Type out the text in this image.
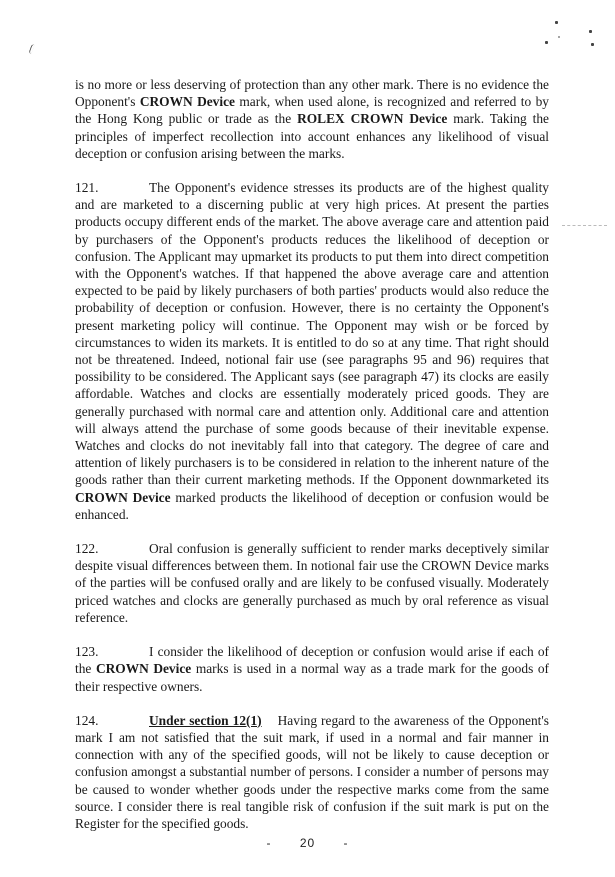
is no more or less deserving of protection than any other mark. There is no evidence the Opponent's CROWN Device mark, when used alone, is recognized and referred to by the Hong Kong public or trade as the ROLEX CROWN Device mark. Taking the principles of imperfect recollection into account enhances any likelihood of visual deception or confusion arising between the marks.

121.	The Opponent's evidence stresses its products are of the highest quality and are marketed to a discerning public at very high prices. At present the parties products occupy different ends of the market. The above average care and attention paid by purchasers of the Opponent's products reduces the likelihood of deception or confusion. The Applicant may upmarket its products to put them into direct competition with the Opponent's watches. If that happened the above average care and attention expected to be paid by likely purchasers of both parties' products would also reduce the probability of deception or confusion. However, there is no certainty the Opponent's present marketing policy will continue. The Opponent may wish or be forced by circumstances to widen its markets. It is entitled to do so at any time. That right should not be threatened. Indeed, notional fair use (see paragraphs 95 and 96) requires that possibility to be considered. The Applicant says (see paragraph 47) its clocks are easily affordable. Watches and clocks are essentially moderately priced goods. They are generally purchased with normal care and attention only. Additional care and attention will always attend the purchase of some goods because of their inevitable expense. Watches and clocks do not inevitably fall into that category. The degree of care and attention of likely purchasers is to be considered in relation to the inherent nature of the goods rather than their current marketing methods. If the Opponent downmarketed its CROWN Device marked products the likelihood of deception or confusion would be enhanced.

122.	Oral confusion is generally sufficient to render marks deceptively similar despite visual differences between them. In notional fair use the CROWN Device marks of the parties will be confused orally and are likely to be confused visually. Moderately priced watches and clocks are generally purchased as much by oral reference as visual reference.

123.	I consider the likelihood of deception or confusion would arise if each of the CROWN Device marks is used in a normal way as a trade mark for the goods of their respective owners.

124.	Under section 12(1) Having regard to the awareness of the Opponent's mark I am not satisfied that the suit mark, if used in a normal and fair manner in connection with any of the specified goods, will not be likely to cause deception or confusion amongst a substantial number of persons. I consider a number of persons may be caused to wonder whether goods under the respective marks come from the same source. I consider there is real tangible risk of confusion if the suit mark is put on the Register for the specified goods.

- 20 -
